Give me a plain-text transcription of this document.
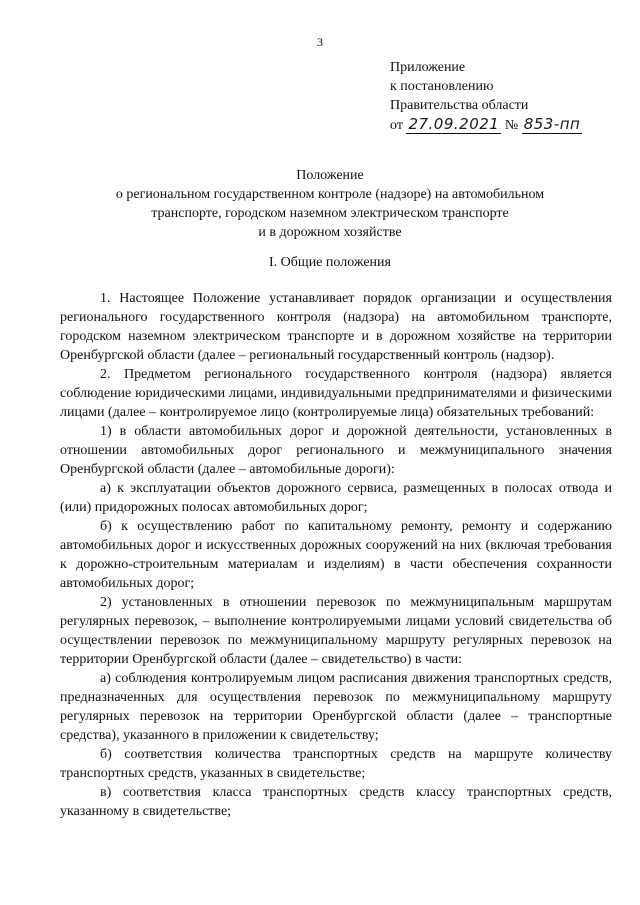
3
Приложение
к постановлению
Правительства области
от 27.09.2021 № 853-пп
Положение
о региональном государственном контроле (надзоре) на автомобильном
транспорте, городском наземном электрическом транспорте
и в дорожном хозяйстве
I. Общие положения

1. Настоящее Положение устанавливает порядок организации и осуществления регионального государственного контроля (надзора) на автомобильном транспорте, городском наземном электрическом транспорте и в дорожном хозяйстве на территории Оренбургской области (далее – региональный государственный контроль (надзор).

2. Предметом регионального государственного контроля (надзора) является соблюдение юридическими лицами, индивидуальными предпринимателями и физическими лицами (далее – контролируемое лицо (контролируемые лица) обязательных требований:

1) в области автомобильных дорог и дорожной деятельности, установленных в отношении автомобильных дорог регионального и межмуниципального значения Оренбургской области (далее – автомобильные дороги):

а) к эксплуатации объектов дорожного сервиса, размещенных в полосах отвода и (или) придорожных полосах автомобильных дорог;

б) к осуществлению работ по капитальному ремонту, ремонту и содержанию автомобильных дорог и искусственных дорожных сооружений на них (включая требования к дорожно-строительным материалам и изделиям) в части обеспечения сохранности автомобильных дорог;

2) установленных в отношении перевозок по межмуниципальным маршрутам регулярных перевозок, – выполнение контролируемыми лицами условий свидетельства об осуществлении перевозок по межмуниципальному маршруту регулярных перевозок на территории Оренбургской области (далее – свидетельство) в части:

а) соблюдения контролируемым лицом расписания движения транспортных средств, предназначенных для осуществления перевозок по межмуниципальному маршруту регулярных перевозок на территории Оренбургской области (далее – транспортные средства), указанного в приложении к свидетельству;

б) соответствия количества транспортных средств на маршруте количеству транспортных средств, указанных в свидетельстве;

в) соответствия класса транспортных средств классу транспортных средств, указанному в свидетельстве;
